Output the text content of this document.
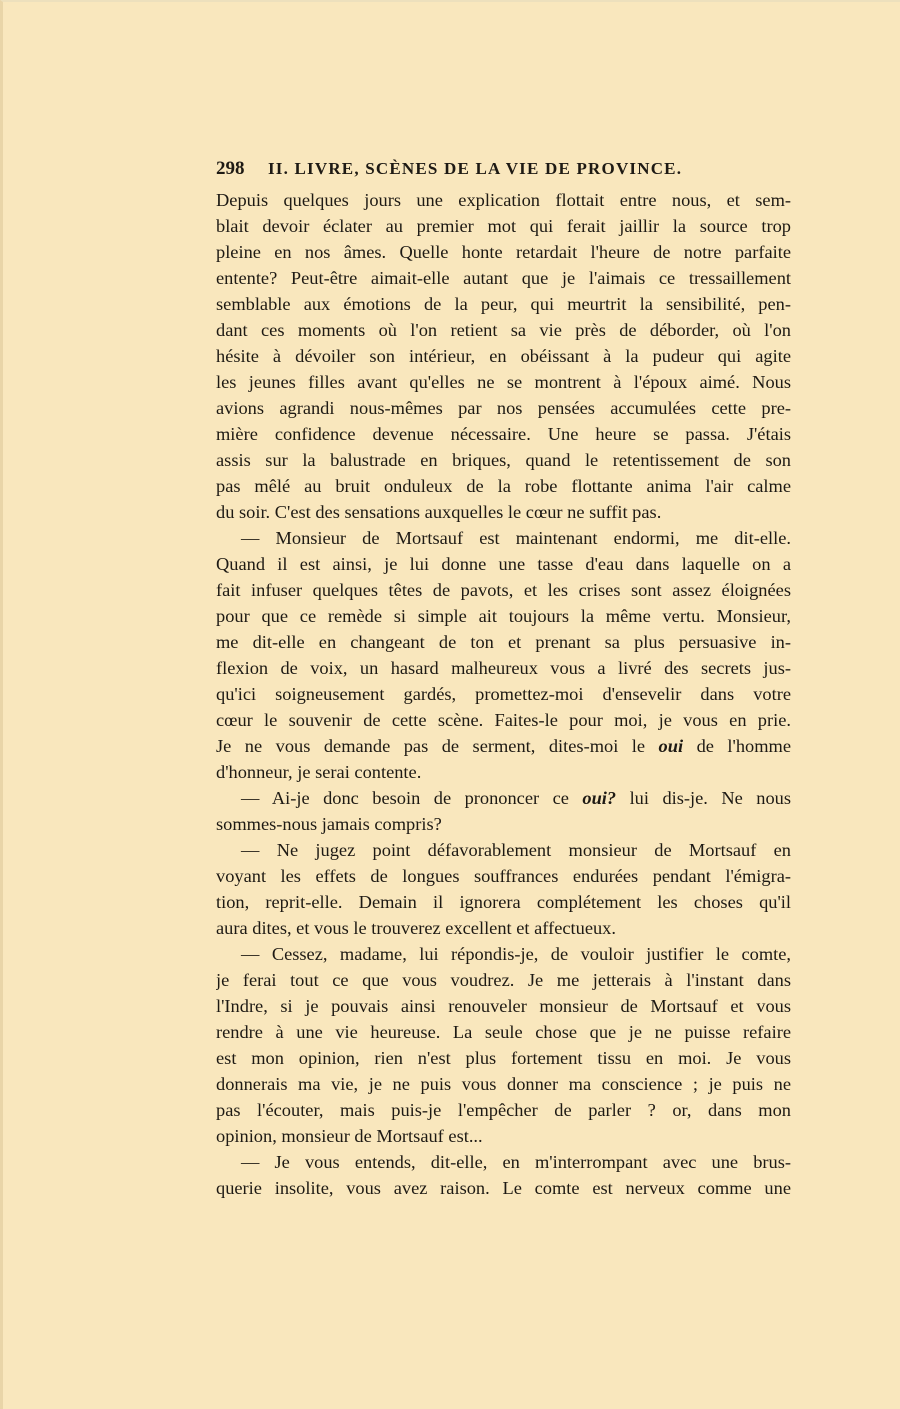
298 II. LIVRE, SCÈNES DE LA VIE DE PROVINCE.
Depuis quelques jours une explication flottait entre nous, et sem-
blait devoir éclater au premier mot qui ferait jaillir la source trop
pleine en nos âmes. Quelle honte retardait l'heure de notre parfaite
entente? Peut-être aimait-elle autant que je l'aimais ce tressaillement
semblable aux émotions de la peur, qui meurtrit la sensibilité, pen-
dant ces moments où l'on retient sa vie près de déborder, où l'on
hésite à dévoiler son intérieur, en obéissant à la pudeur qui agite
les jeunes filles avant qu'elles ne se montrent à l'époux aimé. Nous
avions agrandi nous-mêmes par nos pensées accumulées cette pre-
mière confidence devenue nécessaire. Une heure se passa. J'étais
assis sur la balustrade en briques, quand le retentissement de son
pas mêlé au bruit onduleux de la robe flottante anima l'air calme
du soir. C'est des sensations auxquelles le cœur ne suffit pas.
— Monsieur de Mortsauf est maintenant endormi, me dit-elle.
Quand il est ainsi, je lui donne une tasse d'eau dans laquelle on a
fait infuser quelques têtes de pavots, et les crises sont assez éloignées
pour que ce remède si simple ait toujours la même vertu. Monsieur,
me dit-elle en changeant de ton et prenant sa plus persuasive in-
flexion de voix, un hasard malheureux vous a livré des secrets jus-
qu'ici soigneusement gardés, promettez-moi d'ensevelir dans votre
cœur le souvenir de cette scène. Faites-le pour moi, je vous en prie.
Je ne vous demande pas de serment, dites-moi le oui de l'homme
d'honneur, je serai contente.
— Ai-je donc besoin de prononcer ce oui? lui dis-je. Ne nous
sommes-nous jamais compris?
— Ne jugez point défavorablement monsieur de Mortsauf en
voyant les effets de longues souffrances endurées pendant l'émigra-
tion, reprit-elle. Demain il ignorera complétement les choses qu'il
aura dites, et vous le trouverez excellent et affectueux.
— Cessez, madame, lui répondis-je, de vouloir justifier le comte,
je ferai tout ce que vous voudrez. Je me jetterais à l'instant dans
l'Indre, si je pouvais ainsi renouveler monsieur de Mortsauf et vous
rendre à une vie heureuse. La seule chose que je ne puisse refaire
est mon opinion, rien n'est plus fortement tissu en moi. Je vous
donnerais ma vie, je ne puis vous donner ma conscience ; je puis ne
pas l'écouter, mais puis-je l'empêcher de parler ? or, dans mon
opinion, monsieur de Mortsauf est...
— Je vous entends, dit-elle, en m'interrompant avec une brus-
querie insolite, vous avez raison. Le comte est nerveux comme une
